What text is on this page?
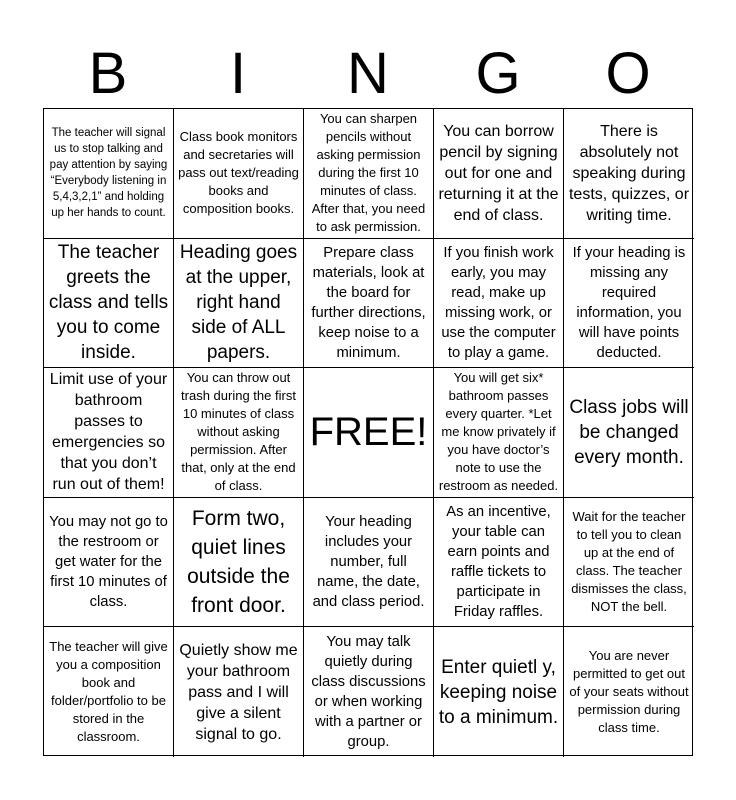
B	I	N	G	O
The teacher will signal us to stop talking and pay attention by saying “Everybody listening in 5,4,3,2,1” and holding up her hands to count.
Class book monitors and secretaries will pass out text/reading books and composition books.
You can sharpen pencils without asking permission during the first 10 minutes of class. After that, you need to ask permission.
You can borrow pencil by signing out for one and returning it at the end of class.
There is absolutely not speaking during tests, quizzes, or writing time.
The teacher greets the class and tells you to come inside.
Heading goes at the upper, right hand side of ALL papers.
Prepare class materials, look at the board for further directions, keep noise to a minimum.
If you finish work early, you may read, make up missing work, or use the computer to play a game.
If your heading is missing any required information, you will have points deducted.
Limit use of your bathroom passes to emergencies so that you don’t run out of them!
You can throw out trash during the first 10 minutes of class without asking permission. After that, only at the end of class.
FREE!
You will get six* bathroom passes every quarter. *Let me know privately if you have doctor’s note to use the restroom as needed.
Class jobs will be changed every month.
You may not go to the restroom or get water for the first 10 minutes of class.
Form two, quiet lines outside the front door.
Your heading includes your number, full name, the date, and class period.
As an incentive, your table can earn points and raffle tickets to participate in Friday raffles.
Wait for the teacher to tell you to clean up at the end of class. The teacher dismisses the class, NOT the bell.
The teacher will give you a composition book and folder/portfolio to be stored in the classroom.
Quietly show me your bathroom pass and I will give a silent signal to go.
You may talk quietly during class discussions or when working with a partner or group.
Enter quietl y, keeping noise to a minimum.
You are never permitted to get out of your seats without permission during class time.
